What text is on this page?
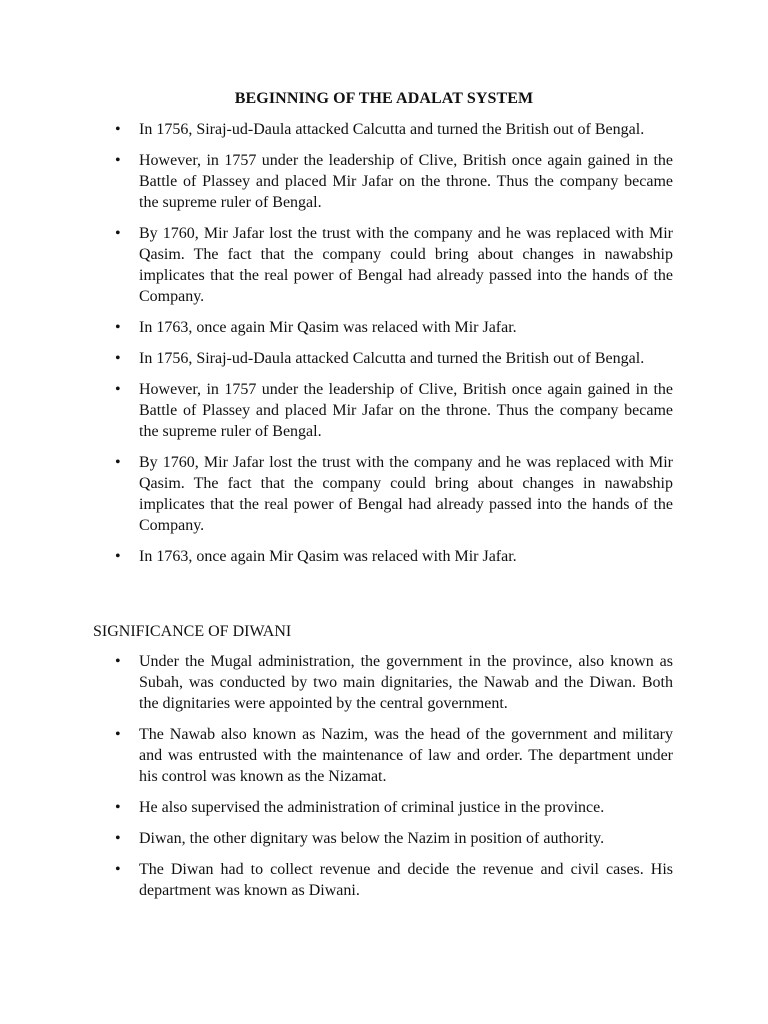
BEGINNING OF THE ADALAT SYSTEM
• In 1756, Siraj-ud-Daula attacked Calcutta and turned the British out of Bengal.
• However, in 1757 under the leadership of Clive, British once again gained in the Battle of Plassey and placed Mir Jafar on the throne. Thus the company became the supreme ruler of Bengal.
• By 1760, Mir Jafar lost the trust with the company and he was replaced with Mir Qasim. The fact that the company could bring about changes in nawabship implicates that the real power of Bengal had already passed into the hands of the Company.
• In 1763, once again Mir Qasim was relaced with Mir Jafar.
• In 1756, Siraj-ud-Daula attacked Calcutta and turned the British out of Bengal.
• However, in 1757 under the leadership of Clive, British once again gained in the Battle of Plassey and placed Mir Jafar on the throne. Thus the company became the supreme ruler of Bengal.
• By 1760, Mir Jafar lost the trust with the company and he was replaced with Mir Qasim. The fact that the company could bring about changes in nawabship implicates that the real power of Bengal had already passed into the hands of the Company.
• In 1763, once again Mir Qasim was relaced with Mir Jafar.
SIGNIFICANCE OF DIWANI
• Under the Mugal administration, the government in the province, also known as Subah, was conducted by two main dignitaries, the Nawab and the Diwan. Both the dignitaries were appointed by the central government.
• The Nawab also known as Nazim, was the head of the government and military and was entrusted with the maintenance of law and order. The department under his control was known as the Nizamat.
• He also supervised the administration of criminal justice in the province.
• Diwan, the other dignitary was below the Nazim in position of authority.
• The Diwan had to collect revenue and decide the revenue and civil cases. His department was known as Diwani.
